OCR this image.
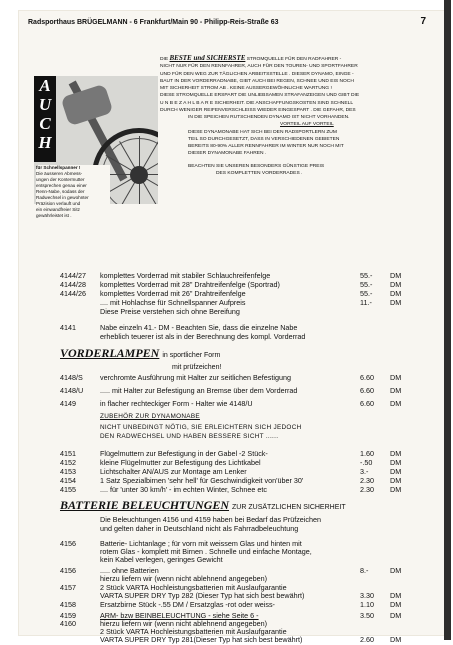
Radsporthaus BRÜGELMANN - 6 Frankfurt/Main 90 - Philipp-Reis-Straße 63	7
AUCH
für Schnellspanner !
Die äusseren Abmess-
ungen der Kontermutter
entsprechen genau einer
Renn-Nabe, sodass der
Radwechsel in gewohnter
Präzision verlauft und
ein einwandfreier Sitz
gewährleistet ist .
DIE BESTE und SICHERSTE STROMQUELLE FÜR DEN RADFAHRER -
NICHT NUR FÜR DEN RENNFAHRER, AUCH FÜR DEN TOUREN- UND SPORTFAHRER
UND FÜR DEN WEG ZUR TÄGLICHEN ARBEITSSTELLE . DIESER DYNAMO, EINGE -
BAUT IN DER VORDERRADNABE, GIBT AUCH BEI REGEN, SCHNEE UND EIS NOCH
MIT SICHERHEIT STROM AB . KEINE AUSSERGEWÖHNLICHE WARTUNG !
DIESE STROMQUELLE ERSPART DIE UNLIEBSAMEN STRAFANZEIGEN UND GIBT DIE
U N B E Z A H L B A R E SICHERHEIT. DIE ANSCHAFFUNGSKOSTEN SIND SCHNELL
DURCH WENIGER REIFENVERSCHLEISS WIEDER EINGESPART . DIE GEFAHR, DES
IN DIE SPEICHEN RUTSCHENDEN DYNAMO IST NICHT VORHANDEN.
VORTEIL AUF VORTEIL
DIESE DYNAMONABE HAT SICH BEI DEN RADSPORTLERN ZUM
TEIL SO DURCHGESETZT, DASS IN VERSCHIEDENEN GEBIETEN
BEREITS 80-90% ALLER RENNFAHRER IM WINTER NUR NOCH MIT
DIESER DYNAMONABE FAHREN .
BEACHTEN SIE UNSEREN BESONDERS GÜNSTIGE PREIS
DES KOMPLETTEN VORDERRADES .
4144/27 komplettes Vorderrad mit stabiler Schlauchreifenfelge	55.- DM
4144/28 komplettes Vorderrad mit 28" Drahtreifenfelge (Sportrad)	55.- DM
4144/26 komplettes Vorderrad mit 26" Drahtreifenfelge	55.- DM
.... mit Hohlachse für Schnellspanner Aufpreis	11.-	DM
Diese Preise verstehen sich ohne Bereifung
4141	Nabe einzeln 41.- DM - Beachten Sie, dass die einzelne Nabe
erheblich teuerer ist als in der Berechnung des kompl. Vorderrad
VORDERLAMPEN in sportlicher Form
mit prüfzeichen!
4148/S verchromte Ausführung mit Halter zur seitlichen Befestigung	6.60 DM
4148/U ..... mit Halter zur Befestigung an Bremse über dem Vorderrad	6.60 DM
4149	in flacher rechteckiger Form - Halter wie 4148/U	6.60 DM
ZUBEHÖR ZUR DYNAMONABE
NICHT UNBEDINGT NÖTIG, SIE ERLEICHTERN SICH JEDOCH
DEN RADWECHSEL UND HABEN BESSERE SICHT ......
4151	Flügelmuttern zur Befestigung in der Gabel -2 Stück-	1.60 DM
4152	kleine Flügelmutter zur Befestigung des Lichtkabel	-.50 DM
4153	Lichtschalter AN/AUS zur Montage am Lenker	3.-	DM
4154	1 Satz Spezialbirnen 'sehr hell' für Geschwindigkeit von'über 30'	2.30 DM
4155	.... für 'unter 30 km/h' - im echten Winter, Schnee etc	2.30 DM
BATTERIE BELEUCHTUNGEN ZUR ZUSÄTZLICHEN SICHERHEIT
Die Beleuchtungen 4156 und 4159 haben bei Bedarf das Prüfzeichen
und gelten daher in Deutschland nicht als Fahrradbeleuchtung
4156	Batterie- Lichtanlage ; für vorn mit weissem Glas und hinten mit
rotem Glas - komplett mit Birnen . Schnelle und einfache Montage,
kein Kabel verlegen, geringes Gewicht
4156	..... ohne Batterien	8.-	DM
hierzu liefern wir (wenn nicht ablehnend angegeben)
4157	2 Stück VARTA Hochleistungsbatterien mit Auslaufgarantie
VARTA SUPER DRY Typ 282 (Dieser Typ hat sich best bewährt)	3.30 DM
4158	Ersatzbirne Stück -.55 DM / Ersatzglas -rot oder weiss-	1.10 DM
4159	ARM- bzw BEINBELEUCHTUNG - siehe Seite 6 -	3.50 DM
4160	hierzu liefern wir (wenn nicht ablehnend angegeben)
2 Stück VARTA Hochleistungsbatterien mit Auslaufgarantie
VARTA SUPER DRY Typ 281(Dieser Typ hat sich best bewährt)	2.60 DM
